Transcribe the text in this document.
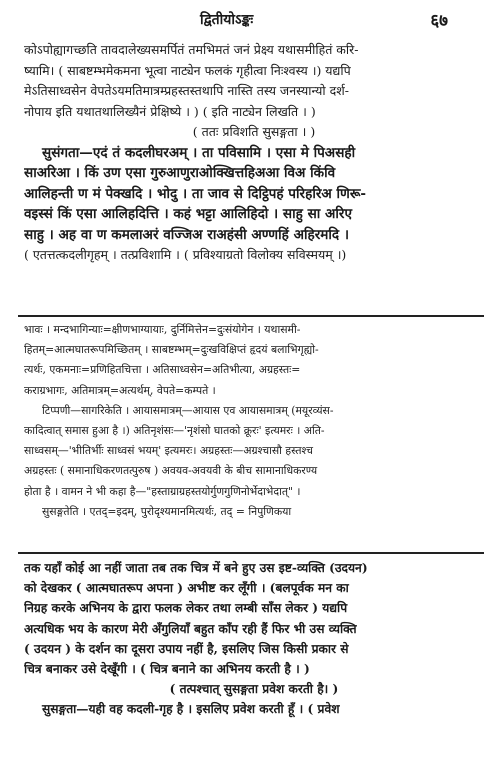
द्वितीयोऽङ्कः	६७
कोऽपोह्यागच्छति तावदालेख्यसमर्पितं तमभिमतं जनं प्रेक्ष्य यथासमीहितं करि-
ष्यामि। ( साबष्टम्भमेकमना भूत्वा नाट्येन फलकं गृहीत्वा निःश्वस्य ।) यद्यपि
मेऽतिसाध्वसेन वेपतेऽयमतिमात्रम्प्रहस्तस्तथापि नास्ति तस्य जनस्यान्यो दर्श-
नोपाय इति यथातथालिख्यैनं प्रेक्षिष्ये । ) ( इति नाट्येन लिखति । )
( ततः प्रविशति सुसङ्गता । )
सुसंगता—एदं तं कदलीघरअम् । ता पविसामि । एसा मे पिअसही
साअरिआ । किं उण एसा गुरुआणुराओक्खित्तहिअआ विअ किंवि
आलिहन्ती ण मं पेक्खदि । भोदु । ता जाव से दिट्ठिपहं परिहरिअ णिरू-
वइस्सं किं एसा आलिहदित्ति । कहं भट्टा आलिहिदो । साहु सा अरिए
साहु । अह वा ण कमलाअरं वज्जिअ राअहंसी अण्णहिं अहिरमदि ।
( एतत्तत्कदलीगृहम् । तत्प्रविशामि । ( प्रविश्याग्रतो विलोक्य सविस्मयम् ।)
भावः । मन्दभागिन्याः=क्षीणभाग्यायाः, दुर्निमित्तेन=दुःसंयोगेन । यथासमी-
हितम्=आत्मघातरूपमिच्छितम् । साबष्टम्भम्=दुःखविक्षिप्तं हृदयं बलाभिगृह्यो-
त्यर्थः, एकमनाः=प्रणिहितचित्ता । अतिसाध्वसेन=अतिभीत्या, अग्रहस्तः=
कराग्रभागः, अतिमात्रम्=अत्यर्थम्, वेपते=कम्पते ।
टिप्पणी—सागरिकेति । आयासमात्रम्—आयास एव आयासमात्रम् (मयूरव्यंस-
कादित्वात् समास हुआ है ।) अतिनृशंसः—'नृशंसो घातको क्रूरः' इत्यमरः । अति-
साध्वसम्—'भीतिर्भीः साध्वसं भयम्' इत्यमरः। अग्रहस्तः—अग्रश्चासौ हस्तश्च
अग्रहस्तः ( समानाधिकरणतत्पुरुष ) अवयव-अवयवी के बीच सामानाधिकरण्य
होता है । वामन ने भी कहा है—"हस्ताग्राग्रहस्तयोर्गुणगुणिनोर्भेदाभेदात्" ।
सुसङ्गतेति । एतद्=इदम्, पुरोदृश्यमानमित्यर्थः, तद् = निपुणिकया
तक यहाँ कोई आ नहीं जाता तब तक चित्र में बने हुए उस इष्ट-व्यक्ति (उदयन)
को देखकर ( आत्मघातरूप अपना ) अभीष्ट कर लूँगी । (बलपूर्वक मन का
निग्रह करके अभिनय के द्वारा फलक लेकर तथा लम्बी साँस लेकर ) यद्यपि
अत्यधिक भय के कारण मेरी अँगुलियाँ बहुत काँप रही हैं फिर भी उस व्यक्ति
( उदयन ) के दर्शन का दूसरा उपाय नहीं है, इसलिए जिस किसी प्रकार से
चित्र बनाकर उसे देखूँगी । ( चित्र बनाने का अभिनय करती है । )
( तत्पश्चात् सुसङ्गता प्रवेश करती है। )
सुसङ्गता—यही वह कदली-गृह है । इसलिए प्रवेश करती हूँ । ( प्रवेश
